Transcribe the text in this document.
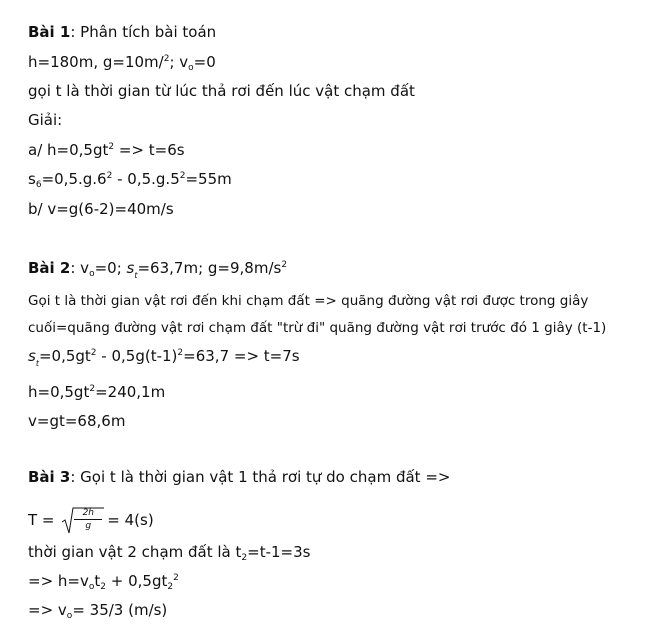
Bài 1: Phân tích bài toán
h=180m, g=10m/$^2$; $v_o=0$
gọi t là thời gian từ lúc thả rơi đến lúc vật chạm đất
Giải:
a/ $h=0,5gt^2 => t=6s$
$s_6=0,5.g.6^2 - 0,5.g.5^2=55m$
b/ v=g(6-2)=40m/s
Bài 2: $v_o=0$; $s_t=63,7m$; $g=9,8m/s^2$
Gọi t là thời gian vật rơi đến khi chạm đất => quãng đường vật rơi được trong giây
cuối=quãng đường vật rơi chạm đất "trừ đi" quãng đường vật rơi trước đó 1 giây (t-1)
$s_t=0,5gt^2 - 0,5g(t-1)^2=63,7 => t=7s$
$h=0,5gt^2=240,1m$
v=gt=68,6m
Bài 3: Gọi t là thời gian vật 1 thả rơi tự do chạm đất =>
$T = \frac{2h}{g} = 4(s)$
thời gian vật 2 chạm đất là $t_2=t-1=3s$
=> $h=v_ot_2 + 0,5gt_2^2$
=> $v_o= 35/3$ (m/s)
